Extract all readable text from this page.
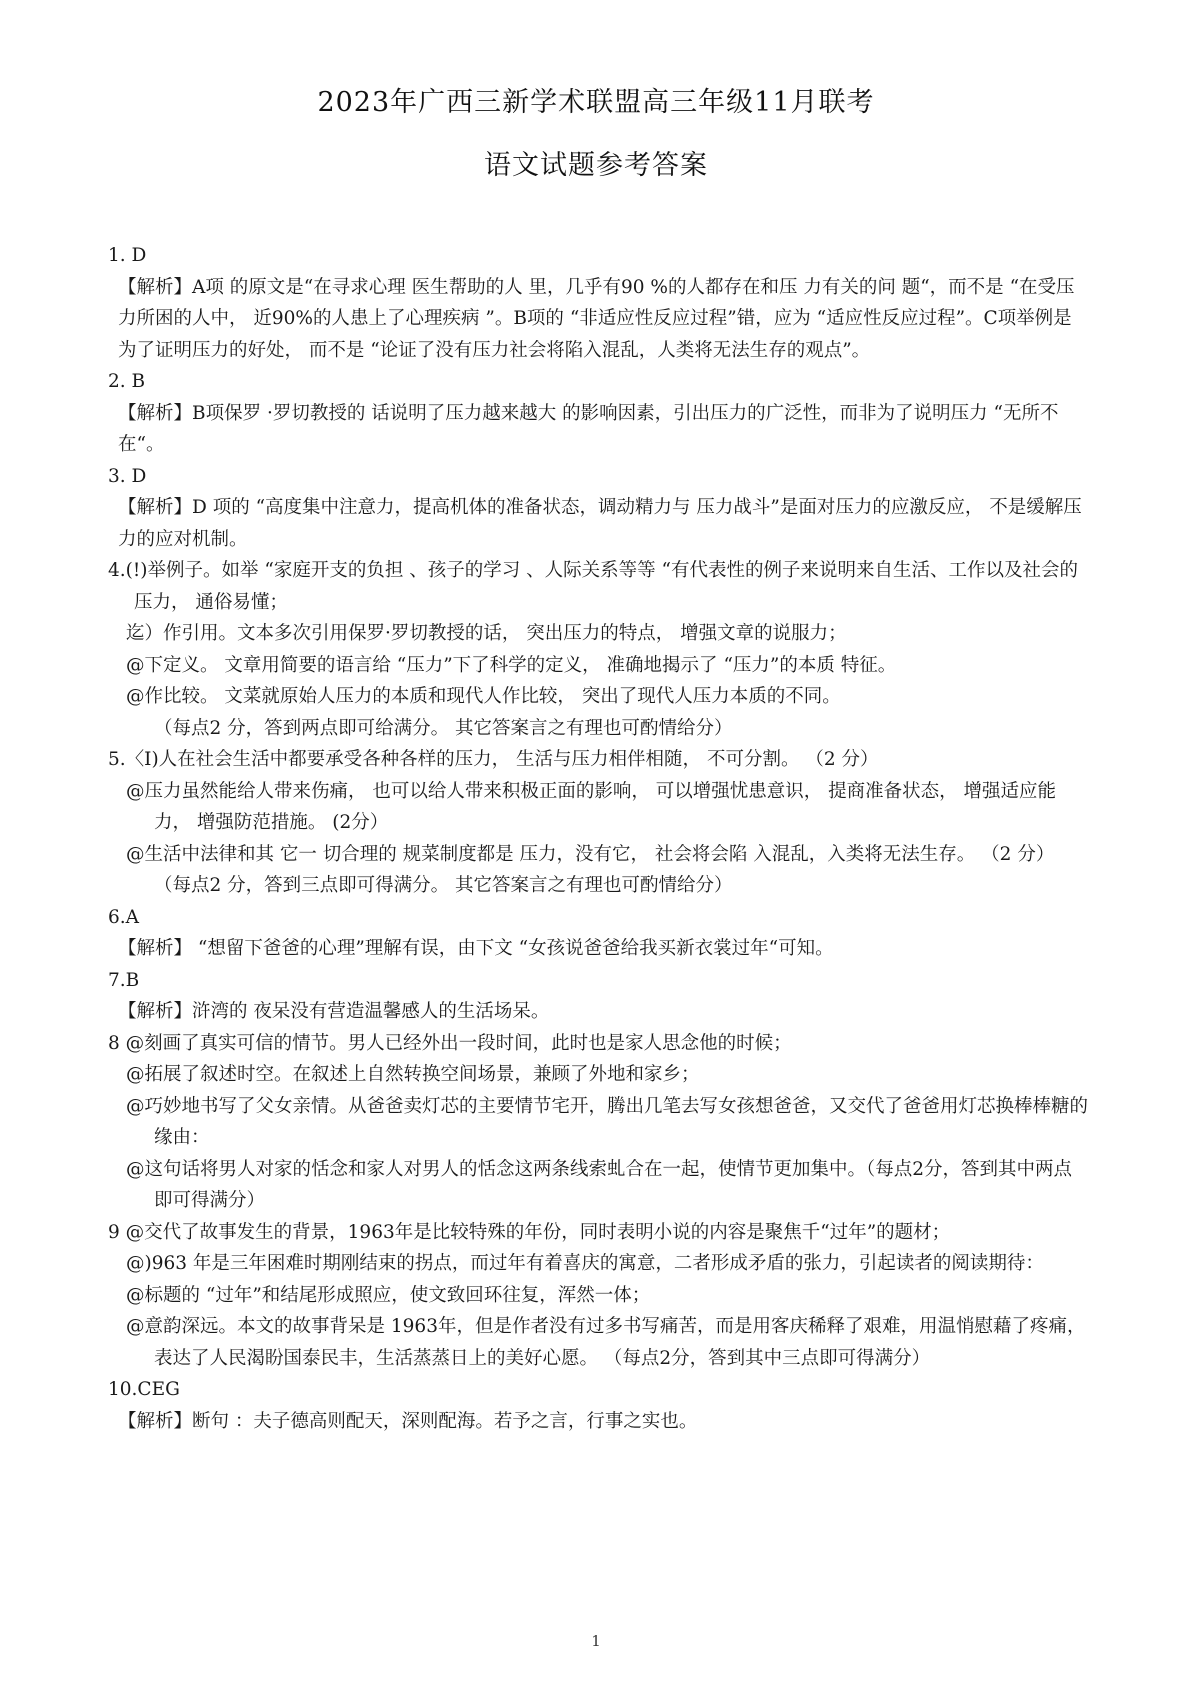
2023年广西三新学术联盟高三年级11月联考
语文试题参考答案

1. D

【解析】A项 的原文是“在寻求心理 医生帮助的人 里，几乎有90 %的人都存在和压 力有关的问 题“，而不是 “在受压力所困的人中， 近90%的人患上了心理疾病 ”。B项的 “非适应性反应过程”错，应为 “适应性反应过程”。C项举例是为了证明压力的好处， 而不是 “论证了没有压力社会将陷入混乱，人类将无法生存的观点”。

2. B

【解析】B项保罗 ·罗切教授的 话说明了压力越来越大 的影响因素，引出压力的广泛性，而非为了说明压力 “无所不在“。

3. D

【解析】D 项的 “高度集中注意力，提高机体的准备状态，调动精力与 压力战斗”是面对压力的应激反应， 不是缓解压力的应对机制。

4.(!)举例子。如举 “家庭开支的负担 、孩子的学习 、人际关系等等 “有代表性的例子来说明来自生活、工作以及社会的压力， 通俗易懂；

迄）作引用。文本多次引用保罗·罗切教授的话， 突出压力的特点， 增强文章的说服力；

@下定义。 文章用简要的语言给 “压力”下了科学的定义， 准确地揭示了 “压力”的本质 特征。

@作比较。 文菜就原始人压力的本质和现代人作比较， 突出了现代人压力本质的不同。

（每点2 分，答到两点即可给满分。 其它答案言之有理也可酌情给分）

5.〈I)人在社会生活中都要承受各种各样的压力， 生活与压力相伴相随， 不可分割。 （2 分）

@压力虽然能给人带来伤痛， 也可以给人带来积极正面的影响， 可以增强忧患意识， 提商准备状态， 增强适应能力， 增强防范措施。 (2分）

@生活中法律和其 它一 切合理的 规菜制度都是 压力，没有它， 社会将会陷 入混乱，入类将无法生存。 （2 分） （每点2 分，答到三点即可得满分。 其它答案言之有理也可酌情给分）

6.A

【解析】 “想留下爸爸的心理”理解有误，由下文 “女孩说爸爸给我买新衣裳过年“可知。

7.B

【解析】浒湾的 夜呆没有营造温馨感人的生活场呆。

8 @刻画了真实可信的情节。男人已经外出一段时间，此时也是家人思念他的时候；

@拓展了叙述时空。在叙述上自然转换空间场景，兼顾了外地和家乡；

@巧妙地书写了父女亲情。从爸爸卖灯芯的主要情节宅开，腾出几笔去写女孩想爸爸，又交代了爸爸用灯芯换棒棒糖的缘由：

@这句话将男人对家的恬念和家人对男人的恬念这两条线索虬合在一起，使情节更加集中。（每点2分，答到其中两点即可得满分）

9 @交代了故事发生的背景，1963年是比较特殊的年份，同时表明小说的内容是聚焦千“过年”的题材；

@)963 年是三年困难时期刚结束的拐点，而过年有着喜庆的寓意，二者形成矛盾的张力，引起读者的阅读期待：

@标题的 “过年”和结尾形成照应，使文致回环往复，浑然一体；

@意韵深远。本文的故事背呆是 1963年，但是作者没有过多书写痛苦，而是用客庆稀释了艰难，用温悄慰藉了疼痛，表达了人民渴盼国泰民丰，生活蒸蒸日上的美好心愿。 （每点2分，答到其中三点即可得满分）

10.CEG

【解析】断句 ：夫子德高则配天，深则配海。若予之言，行事之实也。

1
